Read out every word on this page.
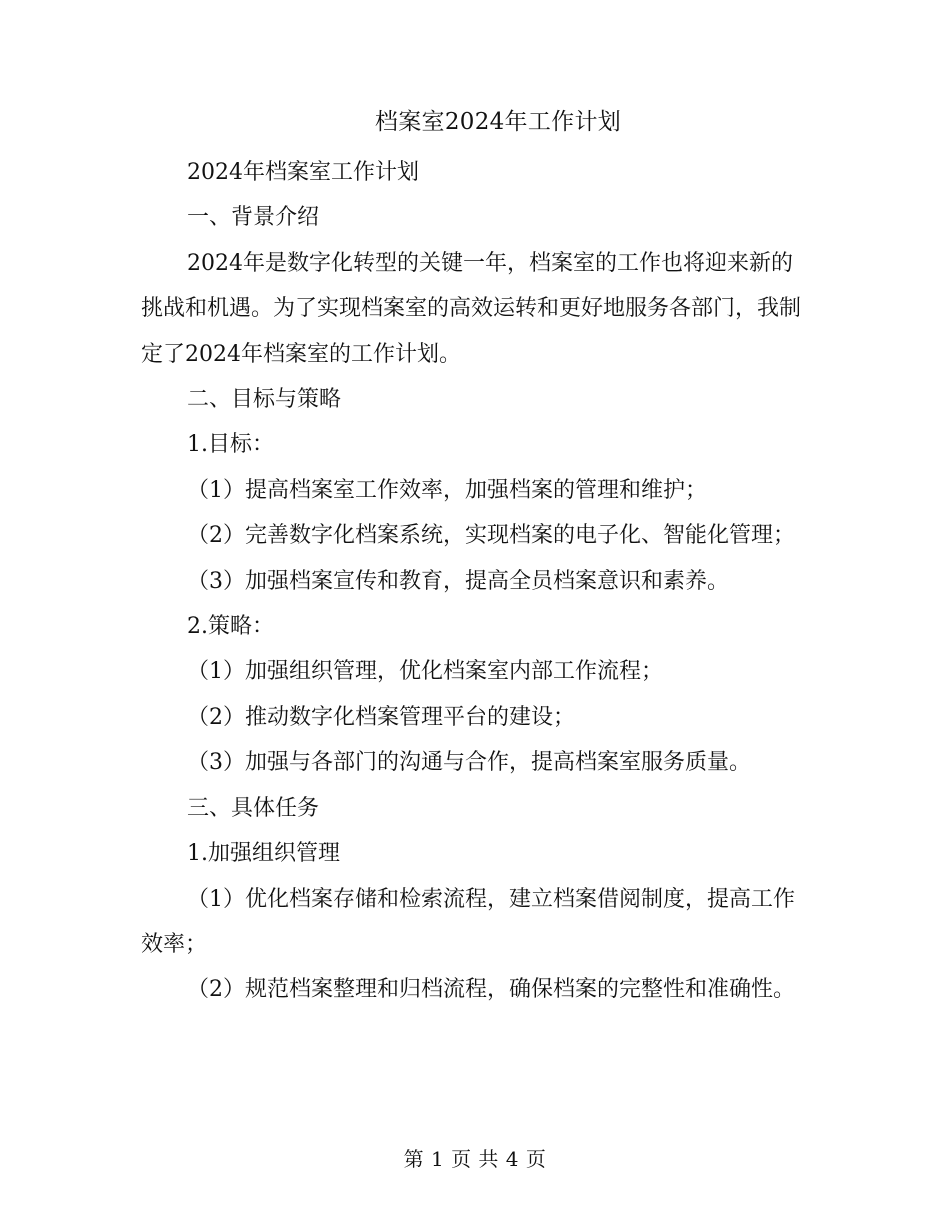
档案室2024年工作计划

2024年档案室工作计划

一、背景介绍

2024年是数字化转型的关键一年，档案室的工作也将迎来新的挑战和机遇。为了实现档案室的高效运转和更好地服务各部门，我制定了2024年档案室的工作计划。

二、目标与策略

1.目标：

（1）提高档案室工作效率，加强档案的管理和维护；

（2）完善数字化档案系统，实现档案的电子化、智能化管理；

（3）加强档案宣传和教育，提高全员档案意识和素养。

2.策略：

（1）加强组织管理，优化档案室内部工作流程；

（2）推动数字化档案管理平台的建设；

（3）加强与各部门的沟通与合作，提高档案室服务质量。

三、具体任务

1.加强组织管理

（1）优化档案存储和检索流程，建立档案借阅制度，提高工作效率；

（2）规范档案整理和归档流程，确保档案的完整性和准确性。

第 1 页 共 4 页
